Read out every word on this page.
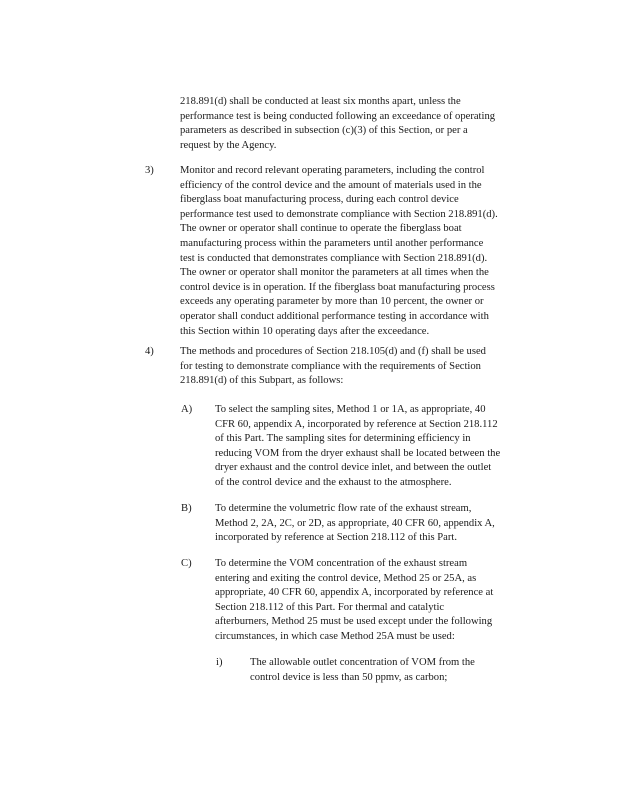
218.891(d) shall be conducted at least six months apart, unless the
performance test is being conducted following an exceedance of operating
parameters as described in subsection (c)(3) of this Section, or per a
request by the Agency.
3) Monitor and record relevant operating parameters, including the control
efficiency of the control device and the amount of materials used in the
fiberglass boat manufacturing process, during each control device
performance test used to demonstrate compliance with Section 218.891(d).
The owner or operator shall continue to operate the fiberglass boat
manufacturing process within the parameters until another performance
test is conducted that demonstrates compliance with Section 218.891(d).
The owner or operator shall monitor the parameters at all times when the
control device is in operation. If the fiberglass boat manufacturing process
exceeds any operating parameter by more than 10 percent, the owner or
operator shall conduct additional performance testing in accordance with
this Section within 10 operating days after the exceedance.
4) The methods and procedures of Section 218.105(d) and (f) shall be used
for testing to demonstrate compliance with the requirements of Section
218.891(d) of this Subpart, as follows:
A) To select the sampling sites, Method 1 or 1A, as appropriate, 40
CFR 60, appendix A, incorporated by reference at Section 218.112
of this Part. The sampling sites for determining efficiency in
reducing VOM from the dryer exhaust shall be located between the
dryer exhaust and the control device inlet, and between the outlet
of the control device and the exhaust to the atmosphere.
B) To determine the volumetric flow rate of the exhaust stream,
Method 2, 2A, 2C, or 2D, as appropriate, 40 CFR 60, appendix A,
incorporated by reference at Section 218.112 of this Part.
C) To determine the VOM concentration of the exhaust stream
entering and exiting the control device, Method 25 or 25A, as
appropriate, 40 CFR 60, appendix A, incorporated by reference at
Section 218.112 of this Part. For thermal and catalytic
afterburners, Method 25 must be used except under the following
circumstances, in which case Method 25A must be used:
i)	The allowable outlet concentration of VOM from the
control device is less than 50 ppmv, as carbon;
